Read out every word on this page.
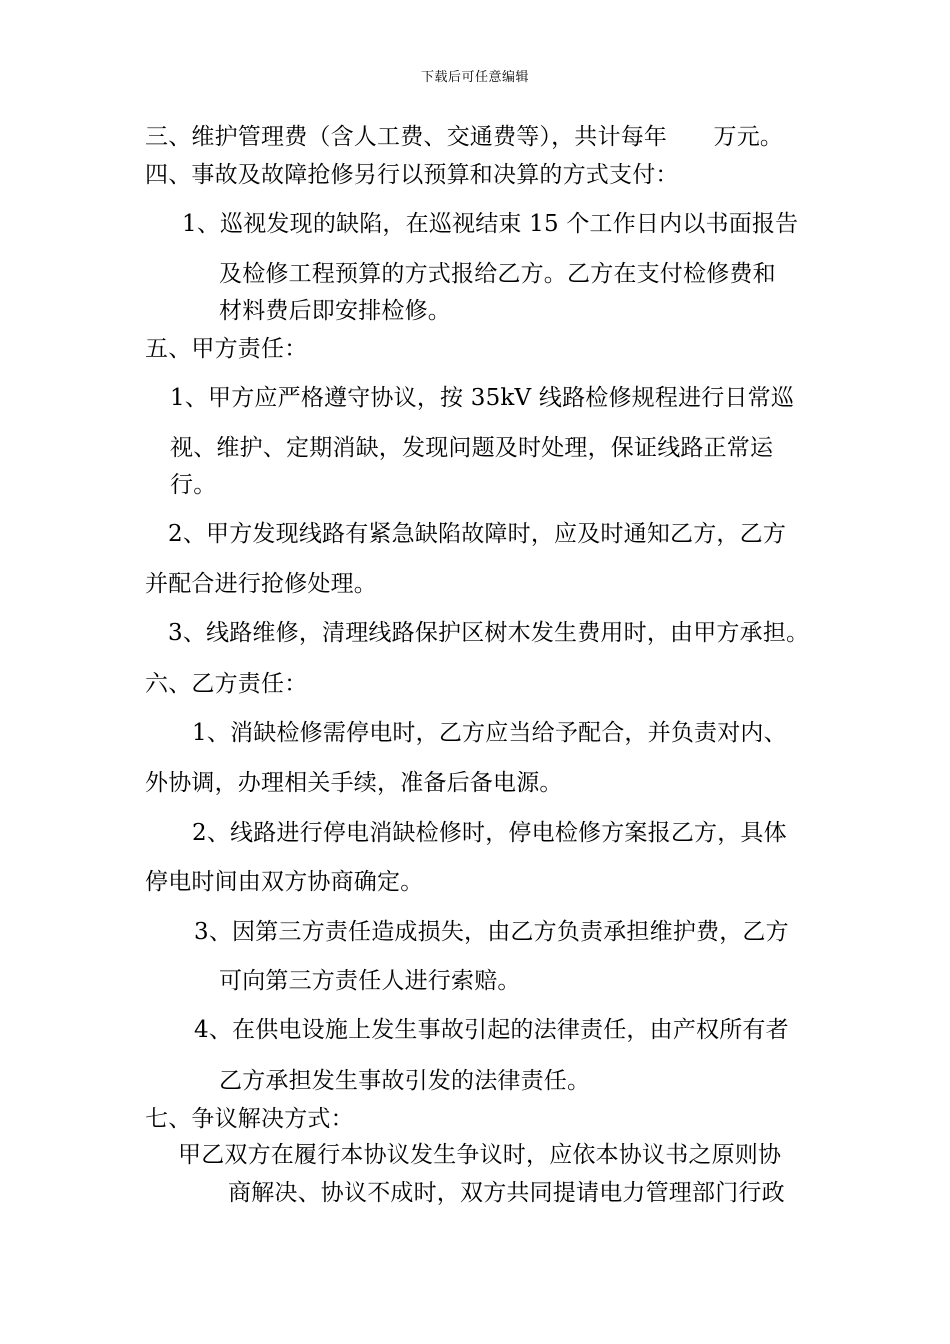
下载后可任意编辑
三、维护管理费（含人工费、交通费等），共计每年　　万元。
四、事故及故障抢修另行以预算和决算的方式支付：
1、巡视发现的缺陷，在巡视结束 15 个工作日内以书面报告
及检修工程预算的方式报给乙方。乙方在支付检修费和
材料费后即安排检修。
五、甲方责任：
1、甲方应严格遵守协议，按 35kV 线路检修规程进行日常巡
视、维护、定期消缺，发现问题及时处理，保证线路正常运
行。
2、甲方发现线路有紧急缺陷故障时，应及时通知乙方，乙方
并配合进行抢修处理。
3、线路维修，清理线路保护区树木发生费用时，由甲方承担。
六、乙方责任：
1、消缺检修需停电时，乙方应当给予配合，并负责对内、
外协调，办理相关手续，准备后备电源。
2、线路进行停电消缺检修时，停电检修方案报乙方，具体
停电时间由双方协商确定。
3、因第三方责任造成损失，由乙方负责承担维护费，乙方
可向第三方责任人进行索赔。
4、在供电设施上发生事故引起的法律责任，由产权所有者
乙方承担发生事故引发的法律责任。
七、争议解决方式：
甲乙双方在履行本协议发生争议时，应依本协议书之原则协
商解决、协议不成时，双方共同提请电力管理部门行政
